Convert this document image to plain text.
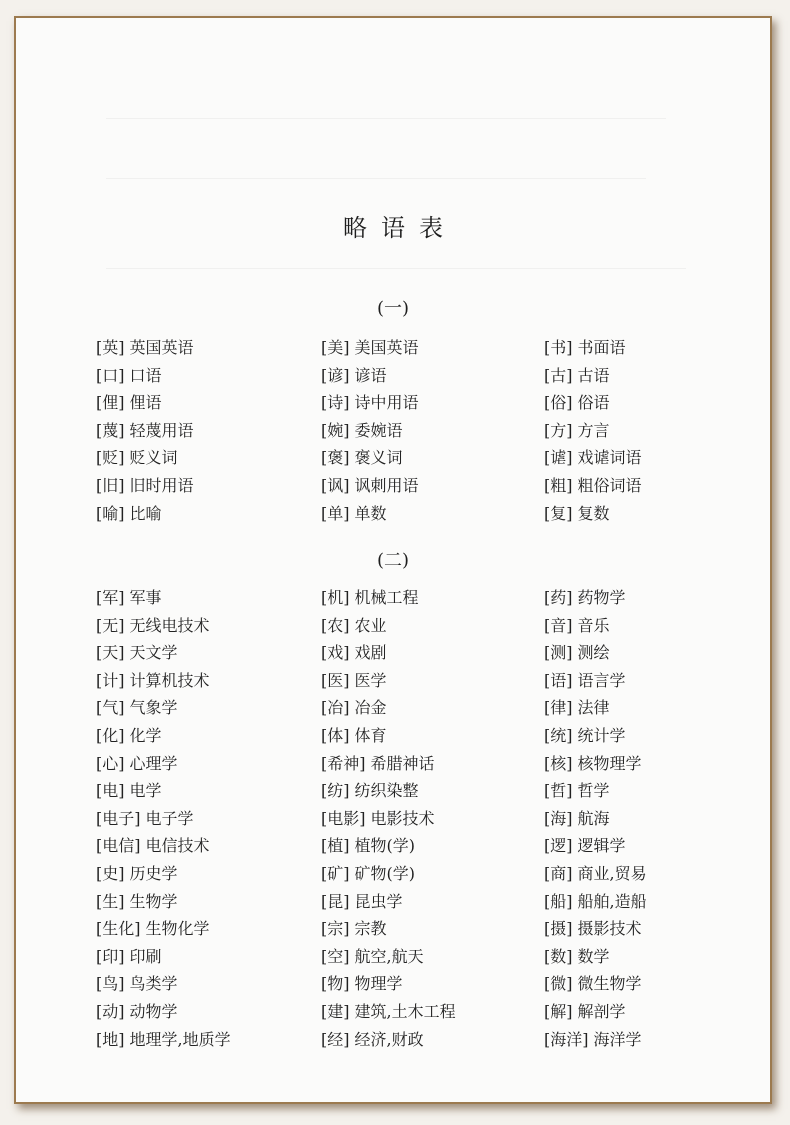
略语表
(一)
[英] 英国英语	[美] 美国英语	[书] 书面语
[口] 口语	[谚] 谚语	[古] 古语
[俚] 俚语	[诗] 诗中用语	[俗] 俗语
[蔑] 轻蔑用语	[婉] 委婉语	[方] 方言
[贬] 贬义词	[褒] 褒义词	[谑] 戏谑词语
[旧] 旧时用语	[讽] 讽刺用语	[粗] 粗俗词语
[喻] 比喻	[单] 单数	[复] 复数
(二)
[军] 军事	[机] 机械工程	[药] 药物学
[无] 无线电技术	[农] 农业	[音] 音乐
[天] 天文学	[戏] 戏剧	[测] 测绘
[计] 计算机技术	[医] 医学	[语] 语言学
[气] 气象学	[冶] 冶金	[律] 法律
[化] 化学	[体] 体育	[统] 统计学
[心] 心理学	[希神] 希腊神话	[核] 核物理学
[电] 电学	[纺] 纺织染整	[哲] 哲学
[电子] 电子学	[电影] 电影技术	[海] 航海
[电信] 电信技术	[植] 植物(学)	[逻] 逻辑学
[史] 历史学	[矿] 矿物(学)	[商] 商业,贸易
[生] 生物学	[昆] 昆虫学	[船] 船舶,造船
[生化] 生物化学	[宗] 宗教	[摄] 摄影技术
[印] 印刷	[空] 航空,航天	[数] 数学
[鸟] 鸟类学	[物] 物理学	[微] 微生物学
[动] 动物学	[建] 建筑,土木工程	[解] 解剖学
[地] 地理学,地质学	[经] 经济,财政	[海洋] 海洋学
